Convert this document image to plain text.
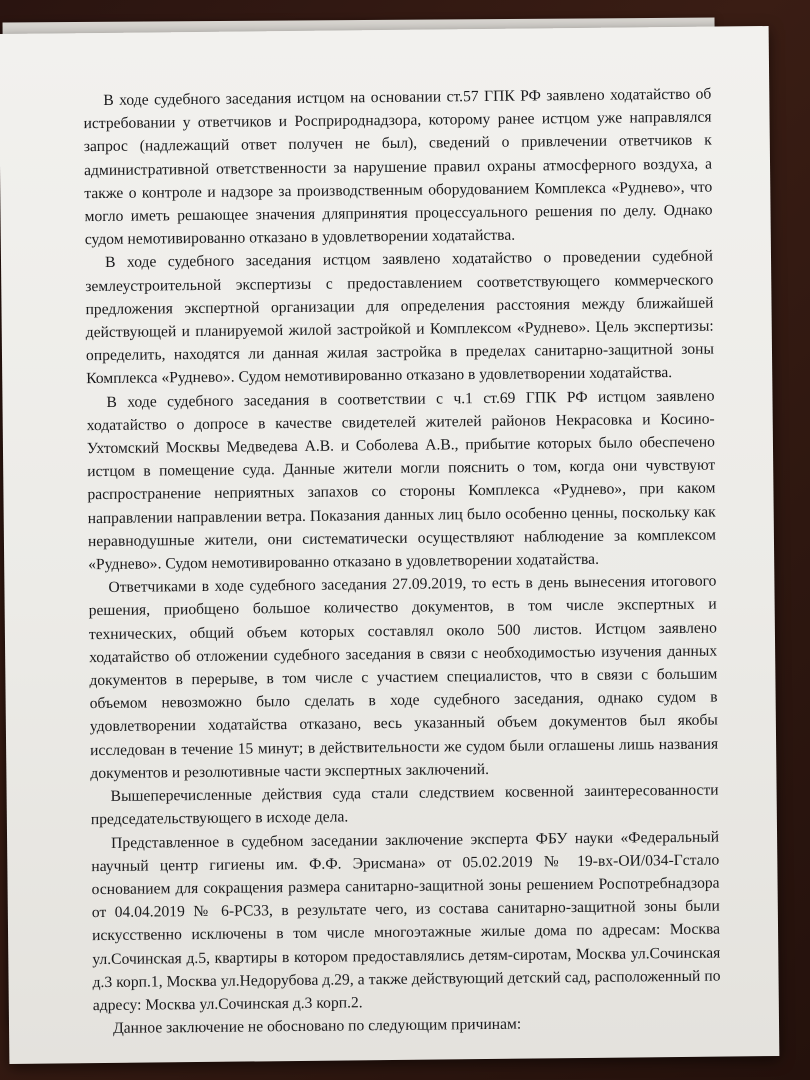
В ходе судебного заседания истцом на основании ст.57 ГПК РФ заявлено ходатайство об истребовании у ответчиков и Росприроднадзора, которому ранее истцом уже направлялся запрос (надлежащий ответ получен не был), сведений о привлечении ответчиков к административной ответственности за нарушение правил охраны атмосферного воздуха, а также о контроле и надзоре за производственным оборудованием Комплекса «Руднево», что могло иметь решающее значения дляпринятия процессуального решения по делу. Однако судом немотивированно отказано в удовлетворении ходатайства.

В ходе судебного заседания истцом заявлено ходатайство о проведении судебной землеустроительной экспертизы с предоставлением соответствующего коммерческого предложения экспертной организации для определения расстояния между ближайшей действующей и планируемой жилой застройкой и Комплексом «Руднево». Цель экспертизы: определить, находятся ли данная жилая застройка в пределах санитарно-защитной зоны Комплекса «Руднево». Судом немотивированно отказано в удовлетворении ходатайства.

В ходе судебного заседания в соответствии с ч.1 ст.69 ГПК РФ истцом заявлено ходатайство о допросе в качестве свидетелей жителей районов Некрасовка и Косино-Ухтомский Москвы Медведева А.В. и Соболева А.В., прибытие которых было обеспечено истцом в помещение суда. Данные жители могли пояснить о том, когда они чувствуют распространение неприятных запахов со стороны Комплекса «Руднево», при каком направлении направлении ветра. Показания данных лиц было особенно ценны, поскольку как неравнодушные жители, они систематически осуществляют наблюдение за комплексом «Руднево». Судом немотивированно отказано в удовлетворении ходатайства.

Ответчиками в ходе судебного заседания 27.09.2019, то есть в день вынесения итогового решения, приобщено большое количество документов, в том числе экспертных и технических, общий объем которых составлял около 500 листов. Истцом заявлено ходатайство об отложении судебного заседания в связи с необходимостью изучения данных документов в перерыве, в том числе с участием специалистов, что в связи с большим объемом невозможно было сделать в ходе судебного заседания, однако судом в удовлетворении ходатайства отказано, весь указанный объем документов был якобы исследован в течение 15 минут; в действительности же судом были оглашены лишь названия документов и резолютивные части экспертных заключений.

Вышеперечисленные действия суда стали следствием косвенной заинтересованности председательствующего в исходе дела.

Представленное в судебном заседании заключение эксперта ФБУ науки «Федеральный научный центр гигиены им. Ф.Ф. Эрисмана» от 05.02.2019 № 19-вх-ОИ/034-Гстало основанием для сокращения размера санитарно-защитной зоны решением Роспотребнадзора от 04.04.2019 № 6-РС33, в результате чего, из состава санитарно-защитной зоны были искусственно исключены в том числе многоэтажные жилые дома по адресам: Москва ул.Сочинская д.5, квартиры в котором предоставлялись детям-сиротам, Москва ул.Сочинская д.3 корп.1, Москва ул.Недорубова д.29, а также действующий детский сад, расположенный по адресу: Москва ул.Сочинская д.3 корп.2.

Данное заключение не обосновано по следующим причинам:
